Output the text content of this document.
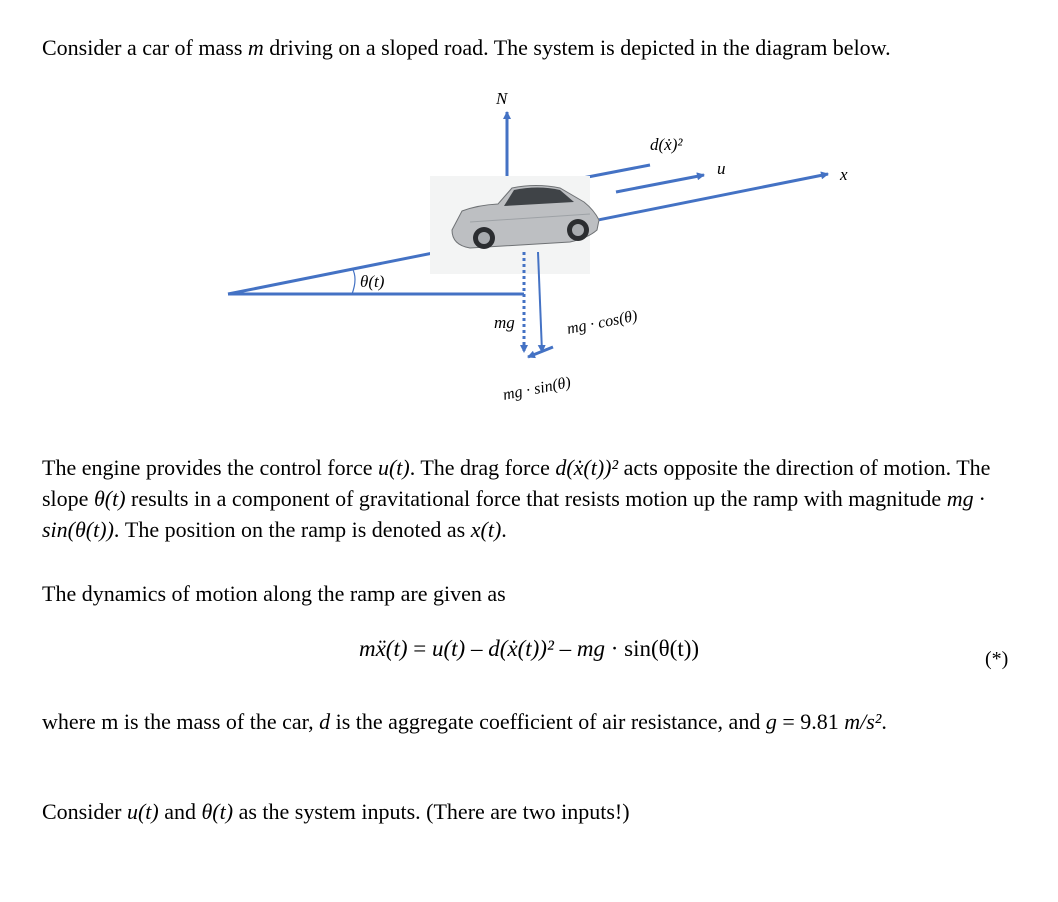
Consider a car of mass m driving on a sloped road. The system is depicted in the diagram below.

N
d(ẋ)²
u	x
θ(t)
mg	mg · cos(θ)
mg · sin(θ)

The engine provides the control force u(t). The drag force d(ẋ(t))² acts opposite the direction of motion. The slope θ(t) results in a component of gravitational force that resists motion up the ramp with magnitude mg · sin(θ(t)). The position on the ramp is denoted as x(t).

The dynamics of motion along the ramp are given as

mẍ(t) = u(t) – d(ẋ(t))² – mg · sin(θ(t))	(*)

where m is the mass of the car, d is the aggregate coefficient of air resistance, and g = 9.81 m/s².

Consider u(t) and θ(t) as the system inputs. (There are two inputs!)
